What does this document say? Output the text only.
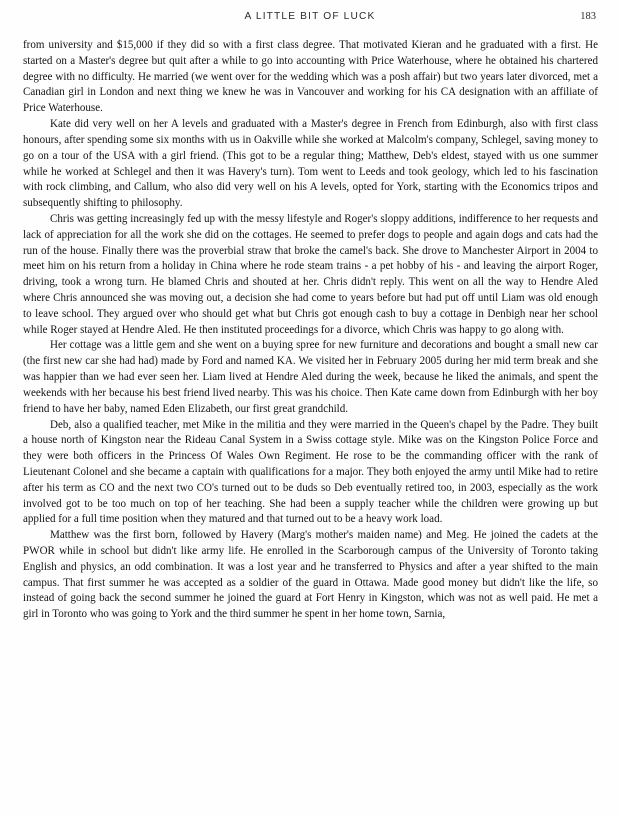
A LITTLE BIT OF LUCK	183

from university and $15,000 if they did so with a first class degree. That motivated Kieran and he graduated with a first. He started on a Master's degree but quit after a while to go into accounting with Price Waterhouse, where he obtained his chartered degree with no difficulty. He married (we went over for the wedding which was a posh affair) but two years later divorced, met a Canadian girl in London and next thing we knew he was in Vancouver and working for his CA designation with an affiliate of Price Waterhouse.

Kate did very well on her A levels and graduated with a Master's degree in French from Edinburgh, also with first class honours, after spending some six months with us in Oakville while she worked at Malcolm's company, Schlegel, saving money to go on a tour of the USA with a girl friend. (This got to be a regular thing; Matthew, Deb's eldest, stayed with us one summer while he worked at Schlegel and then it was Havery's turn). Tom went to Leeds and took geology, which led to his fascination with rock climbing, and Callum, who also did very well on his A levels, opted for York, starting with the Economics tripos and subsequently shifting to philosophy.

Chris was getting increasingly fed up with the messy lifestyle and Roger's sloppy additions, indifference to her requests and lack of appreciation for all the work she did on the cottages. He seemed to prefer dogs to people and again dogs and cats had the run of the house. Finally there was the proverbial straw that broke the camel's back. She drove to Manchester Airport in 2004 to meet him on his return from a holiday in China where he rode steam trains - a pet hobby of his - and leaving the airport Roger, driving, took a wrong turn. He blamed Chris and shouted at her. Chris didn't reply. This went on all the way to Hendre Aled where Chris announced she was moving out, a decision she had come to years before but had put off until Liam was old enough to leave school. They argued over who should get what but Chris got enough cash to buy a cottage in Denbigh near her school while Roger stayed at Hendre Aled. He then instituted proceedings for a divorce, which Chris was happy to go along with.

Her cottage was a little gem and she went on a buying spree for new furniture and decorations and bought a small new car (the first new car she had had) made by Ford and named KA. We visited her in February 2005 during her mid term break and she was happier than we had ever seen her. Liam lived at Hendre Aled during the week, because he liked the animals, and spent the weekends with her because his best friend lived nearby. This was his choice. Then Kate came down from Edinburgh with her boy friend to have her baby, named Eden Elizabeth, our first great grandchild.

Deb, also a qualified teacher, met Mike in the militia and they were married in the Queen's chapel by the Padre. They built a house north of Kingston near the Rideau Canal System in a Swiss cottage style. Mike was on the Kingston Police Force and they were both officers in the Princess Of Wales Own Regiment. He rose to be the commanding officer with the rank of Lieutenant Colonel and she became a captain with qualifications for a major. They both enjoyed the army until Mike had to retire after his term as CO and the next two CO's turned out to be duds so Deb eventually retired too, in 2003, especially as the work involved got to be too much on top of her teaching. She had been a supply teacher while the children were growing up but applied for a full time position when they matured and that turned out to be a heavy work load.

Matthew was the first born, followed by Havery (Marg's mother's maiden name) and Meg. He joined the cadets at the PWOR while in school but didn't like army life. He enrolled in the Scarborough campus of the University of Toronto taking English and physics, an odd combination. It was a lost year and he transferred to Physics and after a year shifted to the main campus. That first summer he was accepted as a soldier of the guard in Ottawa. Made good money but didn't like the life, so instead of going back the second summer he joined the guard at Fort Henry in Kingston, which was not as well paid. He met a girl in Toronto who was going to York and the third summer he spent in her home town, Sarnia,
